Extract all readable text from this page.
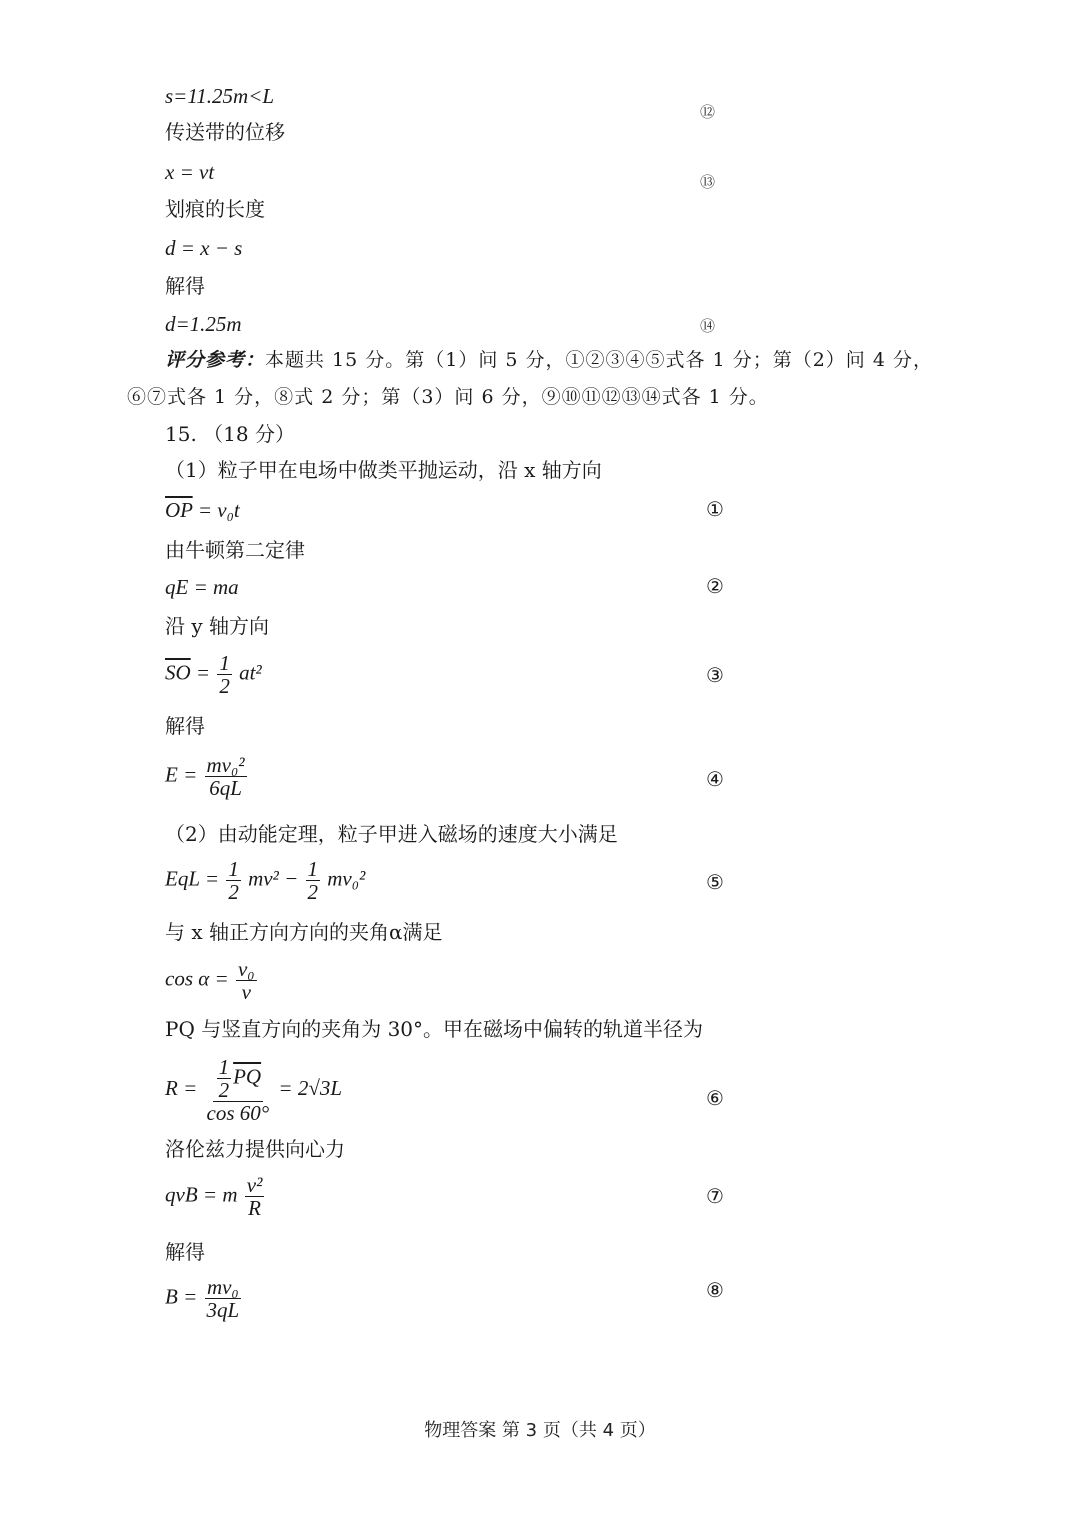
s=11.25m<L
⑫
传送带的位移
x = vt	⑬
划痕的长度
d = x − s
解得
d=1.25m	⑭
评分参考：本题共 15 分。第（1）问 5 分，①②③④⑤式各 1 分；第（2）问 4 分，
⑥⑦式各 1 分，⑧式 2 分；第（3）问 6 分，⑨⑩⑪⑫⑬⑭式各 1 分。
15. （18 分）
（1）粒子甲在电场中做类平抛运动，沿 x 轴方向
$\overline{OP} = v_0t$	①
由牛顿第二定律
qE = ma	②
沿 y 轴方向
$\overline{SO} = \frac{1}{2} at^2$	③
解得
$E = \frac{\text{mv₀²}}{6qL}$	④
（2）由动能定理，粒子甲进入磁场的速度大小满足
EqL = $\frac{1}{2} mv^2 - \frac{1}{2} mv_0^2$	⑤
与 x 轴正方向方向的夹角α满足
$\cos \alpha = \frac{\text{v₀}}{v}$
PQ 与竖直方向的夹角为 30°。甲在磁场中偏转的轨道半径为
$R = \frac{\frac{1}{2} \overline{PQ}}{\cos 60^\circ} = 2√3L$	⑥
洛伦兹力提供向心力
qvB = m $\frac{\text{v²}}{R}$	⑦
解得
$B = \frac{\text{mv₀}}{3qL}$	⑧
物理答案 第 3 页（共 4 页）
